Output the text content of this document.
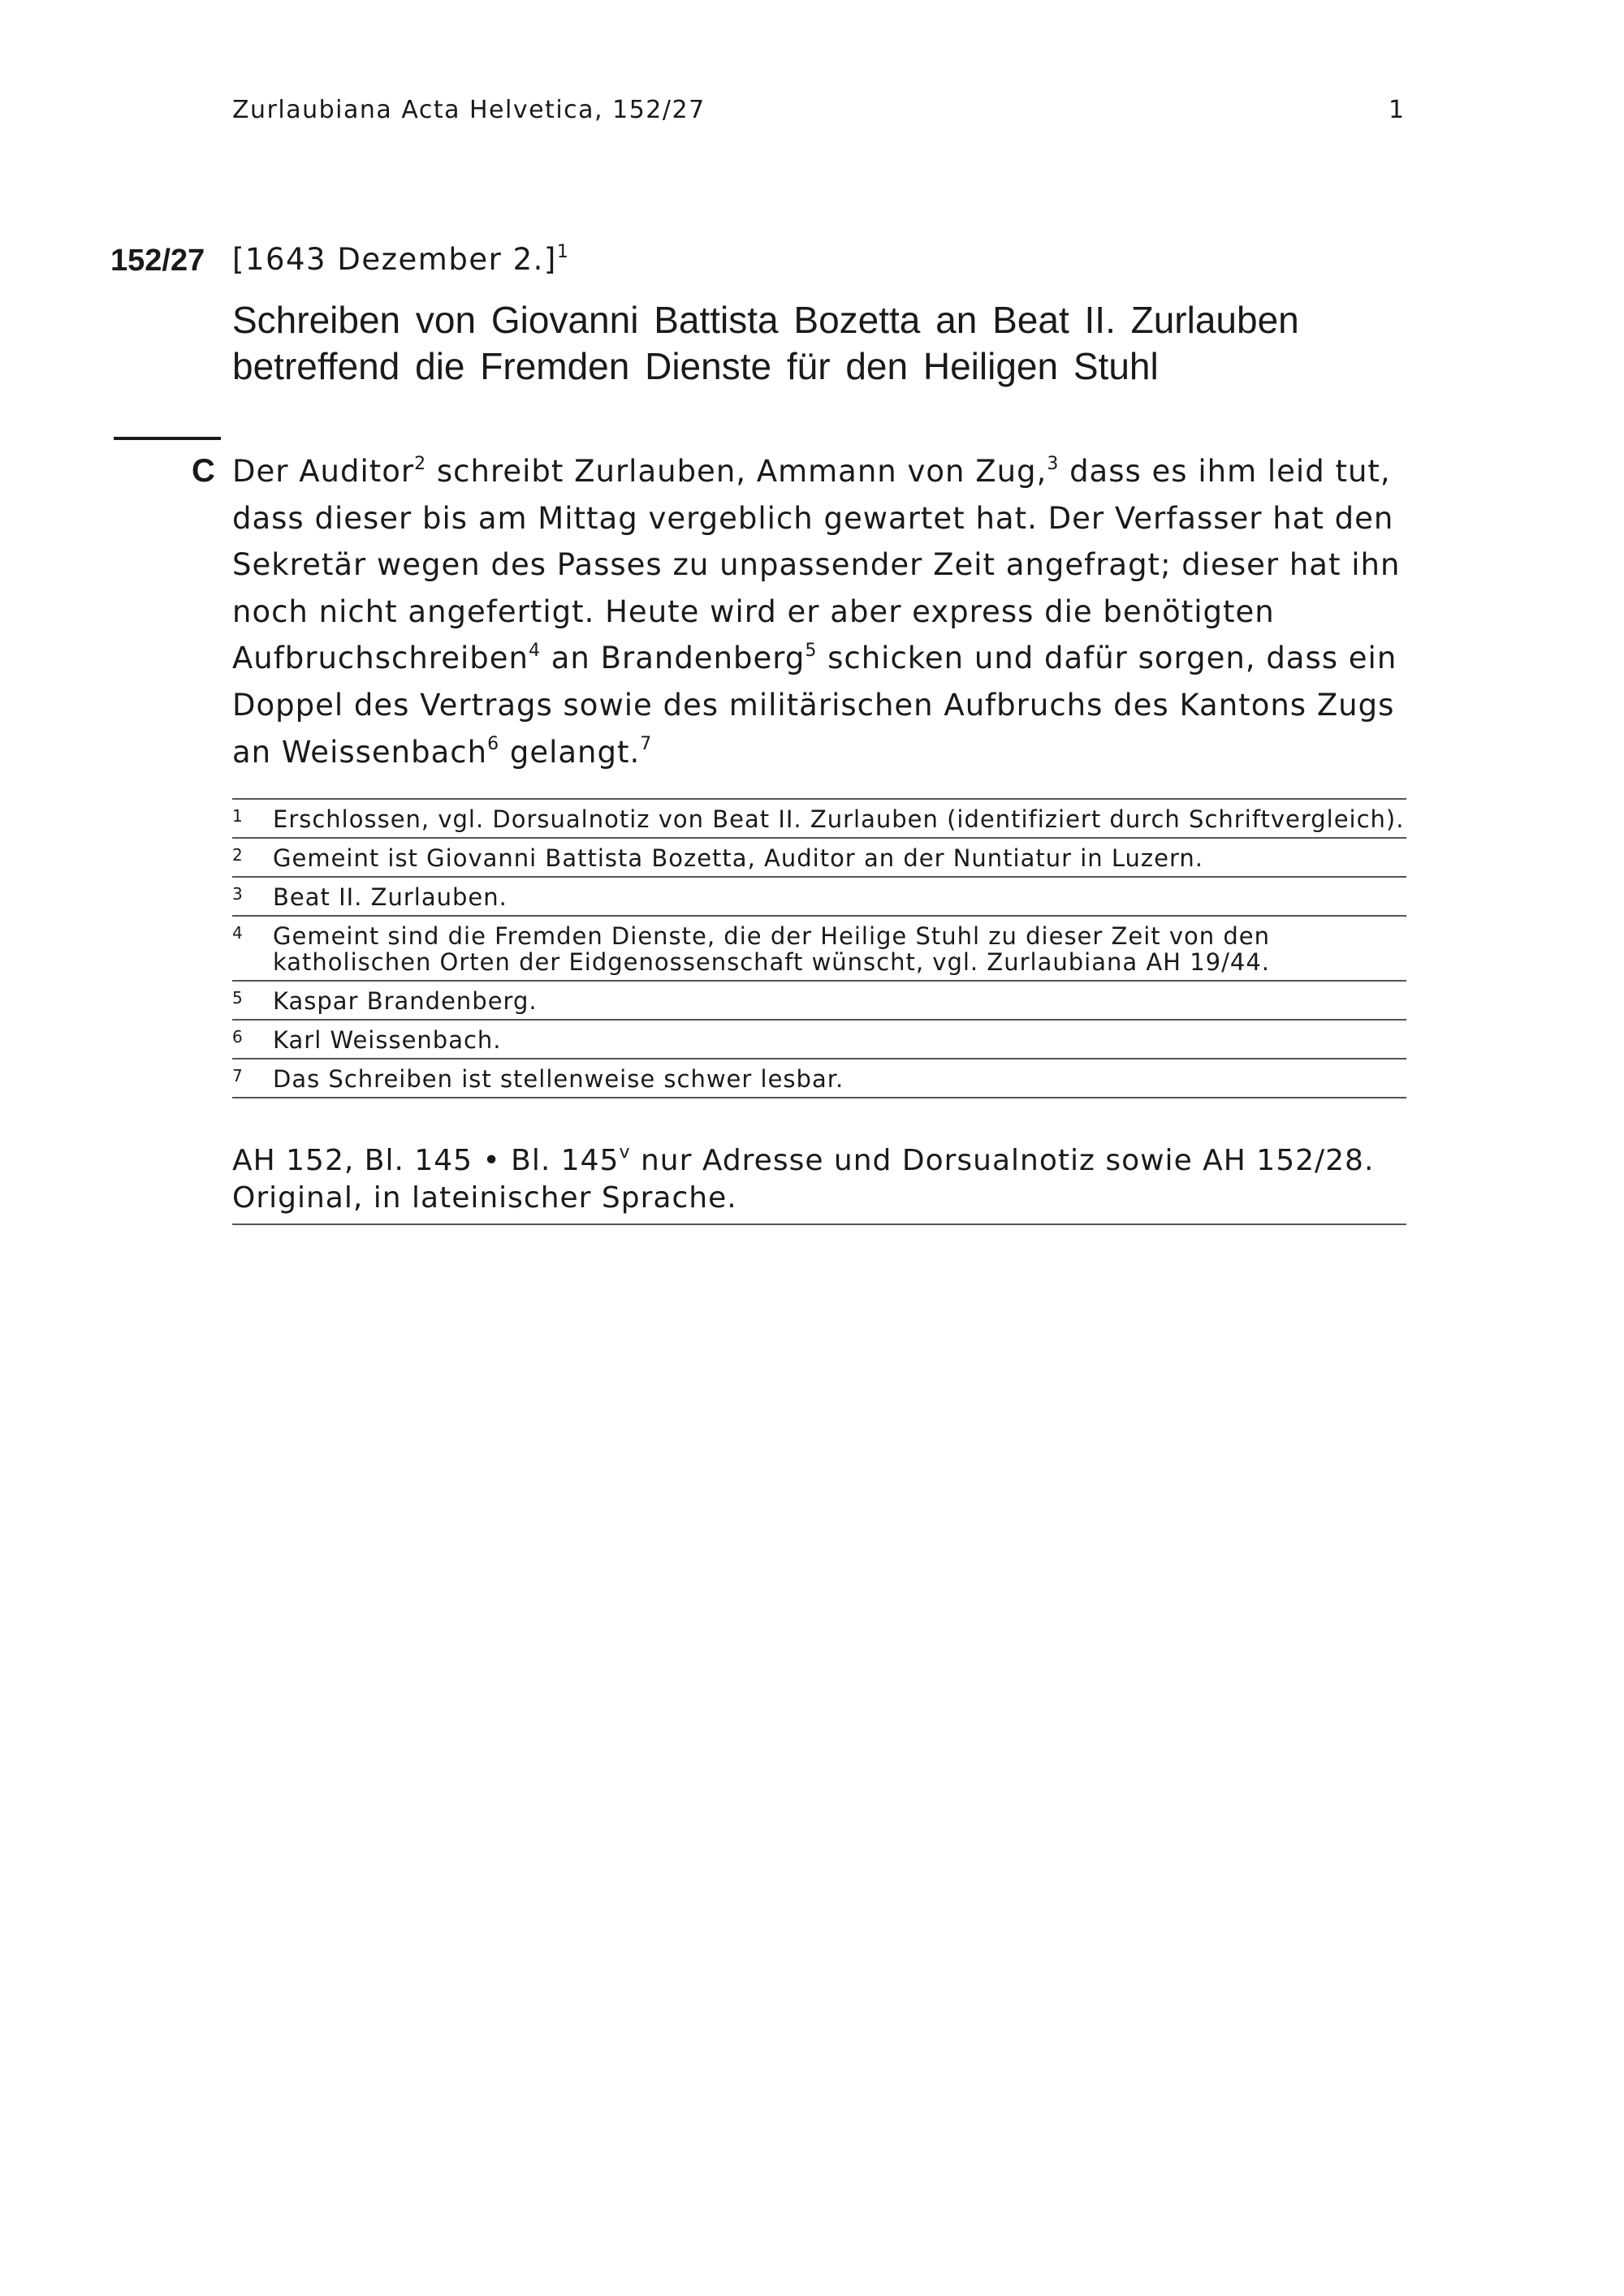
Zurlaubiana Acta Helvetica, 152/27	1
152/27 [1643 Dezember 2.]$^1$
Schreiben von Giovanni Battista Bozetta an Beat II. Zurlauben betreffend die Fremden Dienste für den Heiligen Stuhl
C Der Auditor$^2$ schreibt Zurlauben, Ammann von Zug,$^3$ dass es ihm leid tut, dass dieser bis am Mittag vergeblich gewartet hat. Der Verfasser hat den Sekretär wegen des Passes zu unpassender Zeit angefragt; dieser hat ihn noch nicht angefertigt. Heute wird er aber express die benötigten Aufbruchschreiben$^4$ an Brandenberg$^5$ schicken und dafür sorgen, dass ein Doppel des Vertrags sowie des militärischen Aufbruchs des Kantons Zugs an Weissenbach$^6$ gelangt.$^7$
1 Erschlossen, vgl. Dorsualnotiz von Beat II. Zurlauben (identifiziert durch Schriftvergleich).
2 Gemeint ist Giovanni Battista Bozetta, Auditor an der Nuntiatur in Luzern.
3 Beat II. Zurlauben.
4 Gemeint sind die Fremden Dienste, die der Heilige Stuhl zu dieser Zeit von den katholischen Orten der Eidgenossenschaft wünscht, vgl. Zurlaubiana AH 19/44.
5 Kaspar Brandenberg.
6 Karl Weissenbach.
7 Das Schreiben ist stellenweise schwer lesbar.
AH 152, Bl. 145 • Bl. 145$^v$ nur Adresse und Dorsualnotiz sowie AH 152/28.
Original, in lateinischer Sprache.
